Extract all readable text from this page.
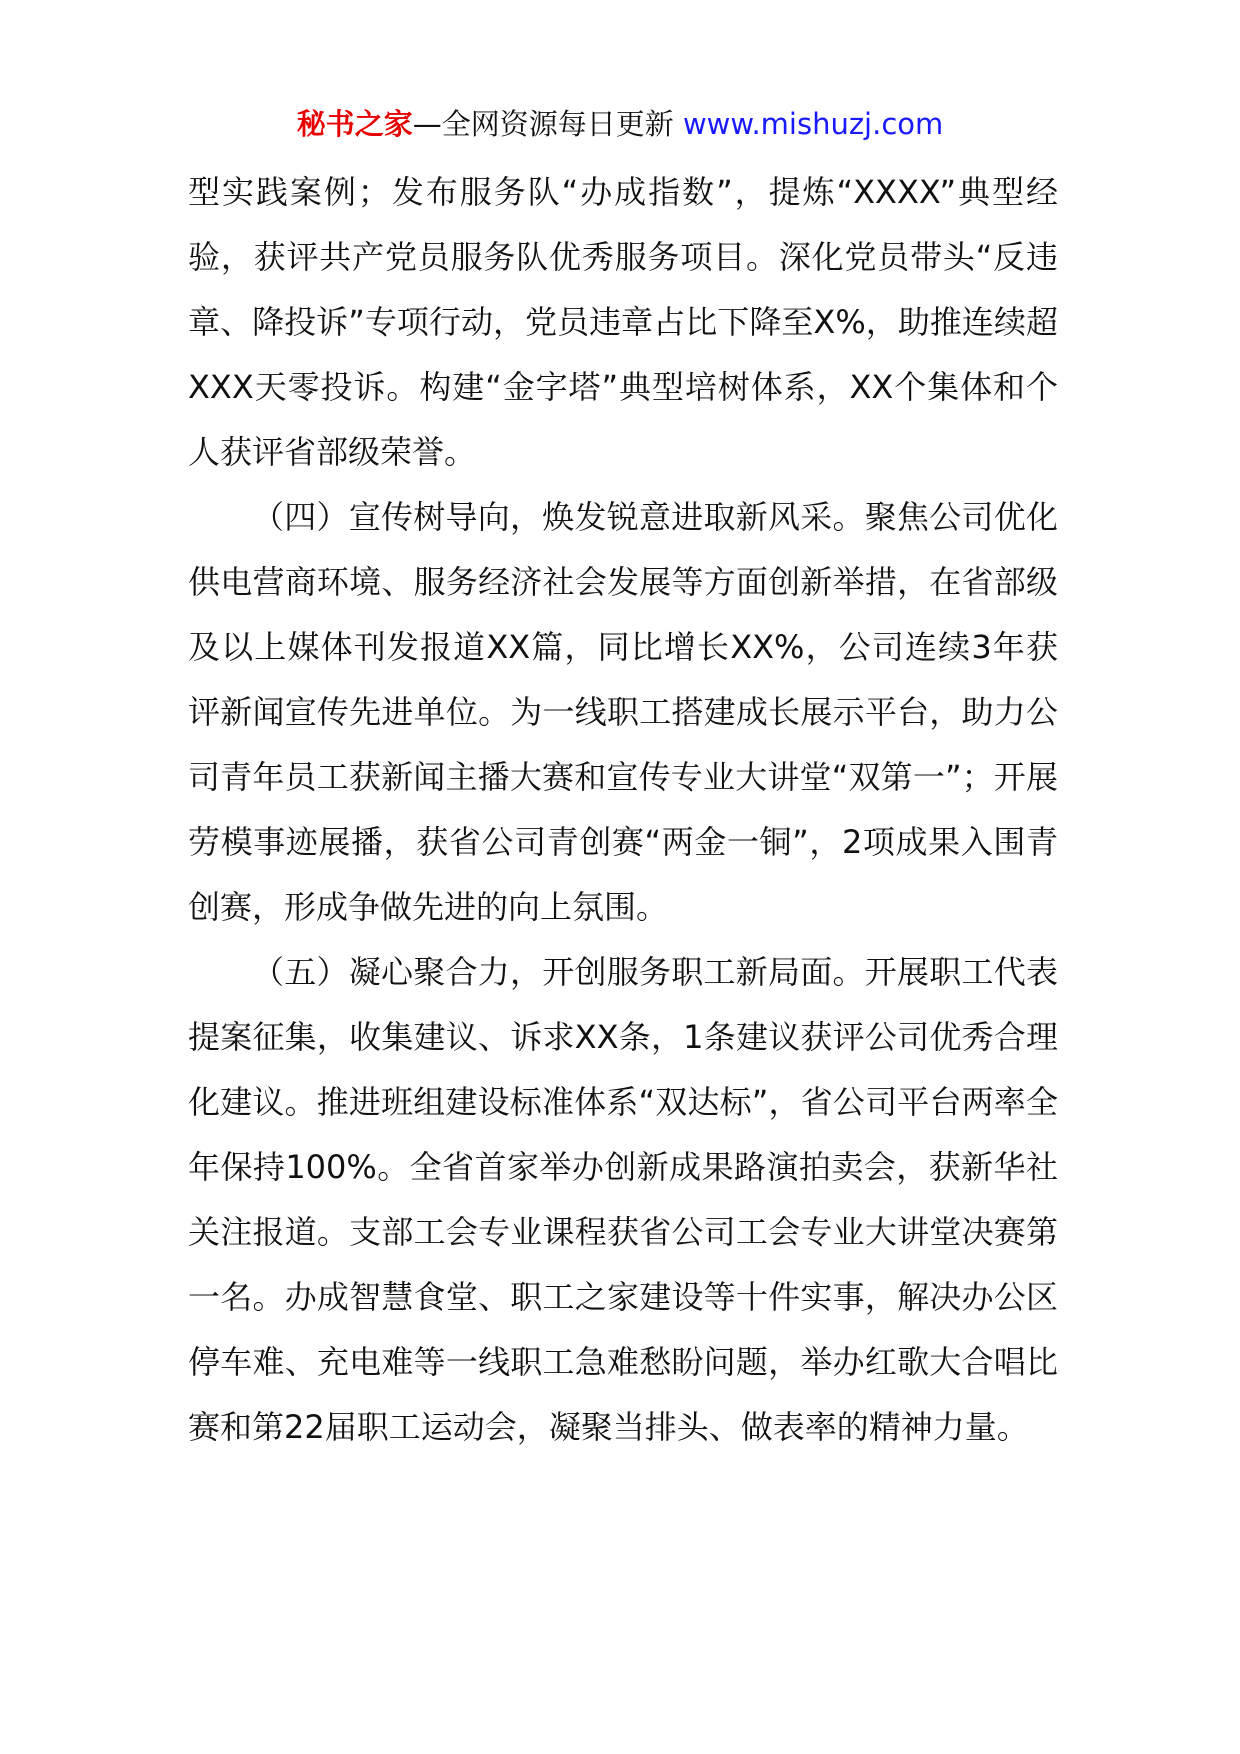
秘书之家—全网资源每日更新 www.mishuzj.com

型实践案例；发布服务队“办成指数”，提炼“XXXX”典型经验，获评共产党员服务队优秀服务项目。深化党员带头“反违章、降投诉”专项行动，党员违章占比下降至X%，助推连续超XXX天零投诉。构建“金字塔”典型培树体系，XX个集体和个人获评省部级荣誉。

（四）宣传树导向，焕发锐意进取新风采。聚焦公司优化供电营商环境、服务经济社会发展等方面创新举措，在省部级及以上媒体刊发报道XX篇，同比增长XX%，公司连续3年获评新闻宣传先进单位。为一线职工搭建成长展示平台，助力公司青年员工获新闻主播大赛和宣传专业大讲堂“双第一”；开展劳模事迹展播，获省公司青创赛“两金一铜”，2项成果入围青创赛，形成争做先进的向上氛围。

（五）凝心聚合力，开创服务职工新局面。开展职工代表提案征集，收集建议、诉求XX条，1条建议获评公司优秀合理化建议。推进班组建设标准体系“双达标”，省公司平台两率全年保持100%。全省首家举办创新成果路演拍卖会，获新华社关注报道。支部工会专业课程获省公司工会专业大讲堂决赛第一名。办成智慧食堂、职工之家建设等十件实事，解决办公区停车难、充电难等一线职工急难愁盼问题，举办红歌大合唱比赛和第22届职工运动会，凝聚当排头、做表率的精神力量。
